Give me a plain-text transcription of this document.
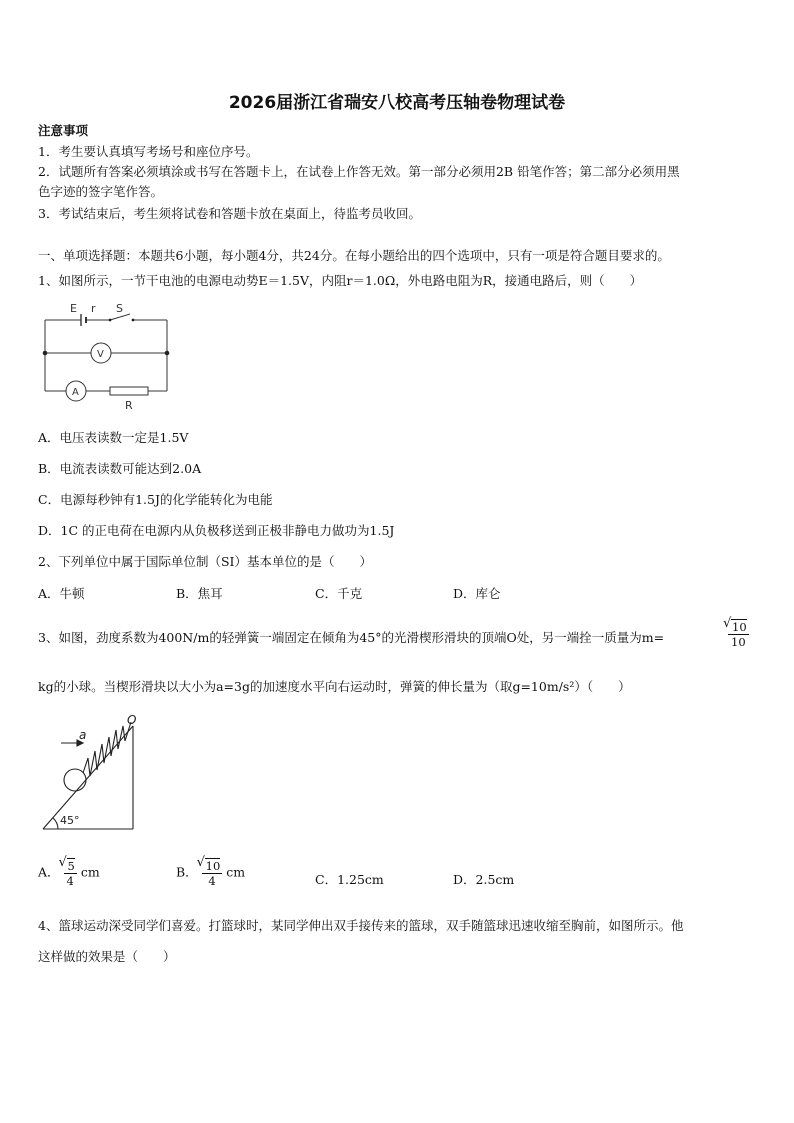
2026届浙江省瑞安八校高考压轴卷物理试卷
注意事项
1．考生要认真填写考场号和座位序号。
2．试题所有答案必须填涂或书写在答题卡上，在试卷上作答无效。第一部分必须用2B 铅笔作答；第二部分必须用黑
色字迹的签字笔作答。
3．考试结束后，考生须将试卷和答题卡放在桌面上，待监考员收回。
一、单项选择题：本题共6小题，每小题4分，共24分。在每小题给出的四个选项中，只有一项是符合题目要求的。
1、如图所示，一节干电池的电源电动势E＝1.5V，内阻r＝1.0Ω，外电路电阻为R，接通电路后，则（　　）
E r S
V
A
R
A．电压表读数一定是1.5V
B．电流表读数可能达到2.0A
C．电源每秒钟有1.5J的化学能转化为电能
D．1C 的正电荷在电源内从负极移送到正极非静电力做功为1.5J
2、下列单位中属于国际单位制（SI）基本单位的是（　　）
A．牛顿	B．焦耳	C．千克	D．库仑
3、如图，劲度系数为400N/m的轻弹簧一端固定在倾角为45°的光滑楔形滑块的顶端O处，另一端拴一质量为m=	√ $\frac{10}{10}$
kg的小球。当楔形滑块以大小为a=3g的加速度水平向右运动时，弹簧的伸长量为（取g=10m/s²）（　　）
O
a
45°
A． √ $\frac{5}{4}$ cm	B． √ $\frac{10}{4}$ cm	C．1.25cm	D．2.5cm
4、篮球运动深受同学们喜爱。打篮球时，某同学伸出双手接传来的篮球，双手随篮球迅速收缩至胸前，如图所示。他
这样做的效果是（　　）
